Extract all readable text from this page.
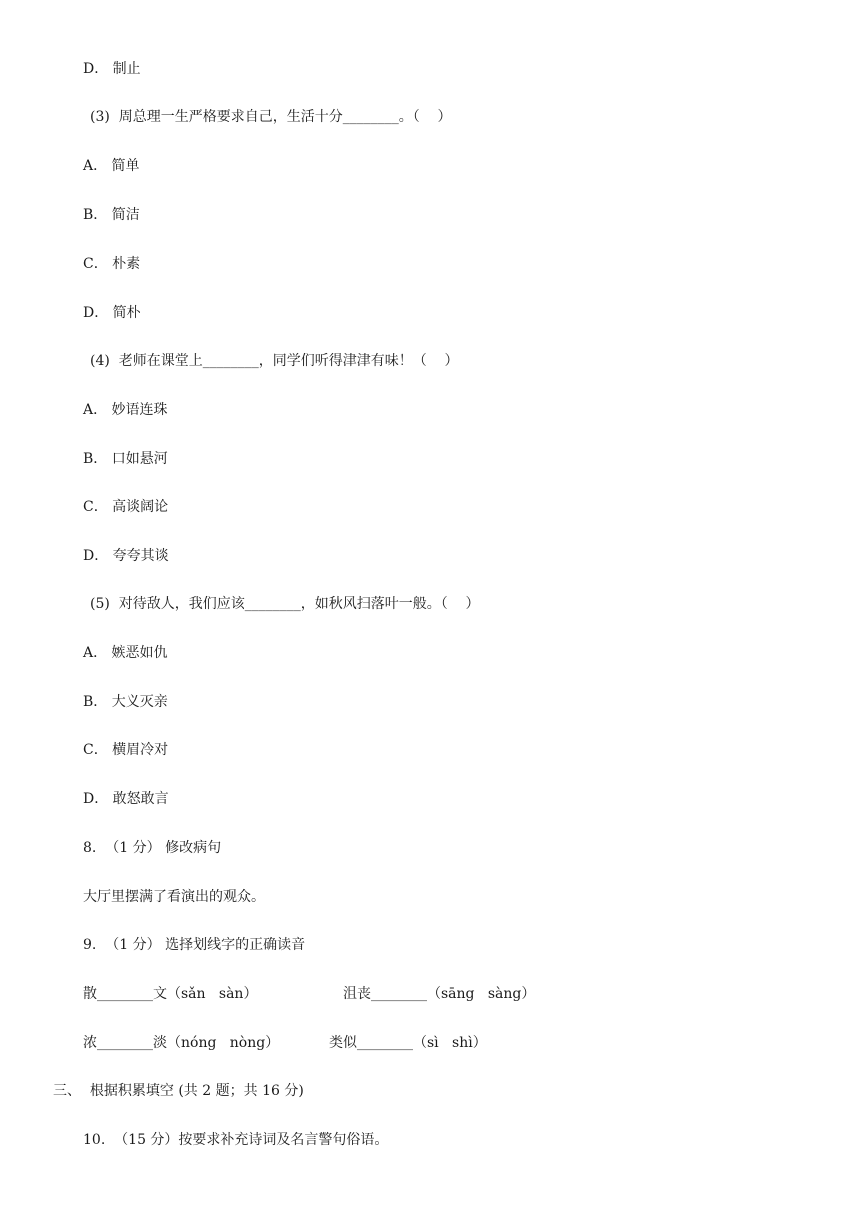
D． 制止
(3)  周总理一生严格要求自己，生活十分________。（    ）
A． 简单
B． 简洁
C． 朴素
D． 简朴
(4)  老师在课堂上________，同学们听得津津有味！（    ）
A． 妙语连珠
B． 口如悬河
C． 高谈阔论
D． 夸夸其谈
(5)  对待敌人，我们应该________，如秋风扫落叶一般。（    ）
A． 嫉恶如仇
B． 大义灭亲
C． 横眉冷对
D． 敢怒敢言
8.  （1 分） 修改病句
大厅里摆满了看演出的观众。
9.  （1 分） 选择划线字的正确读音
散________文（sǎn   sàn）	沮丧________（sāng   sàng）
浓________淡（nóng   nòng）	类似________（sì   shì）
三、  根据积累填空 (共 2 题；共 16 分)
10.  （15 分）按要求补充诗词及名言警句俗语。
